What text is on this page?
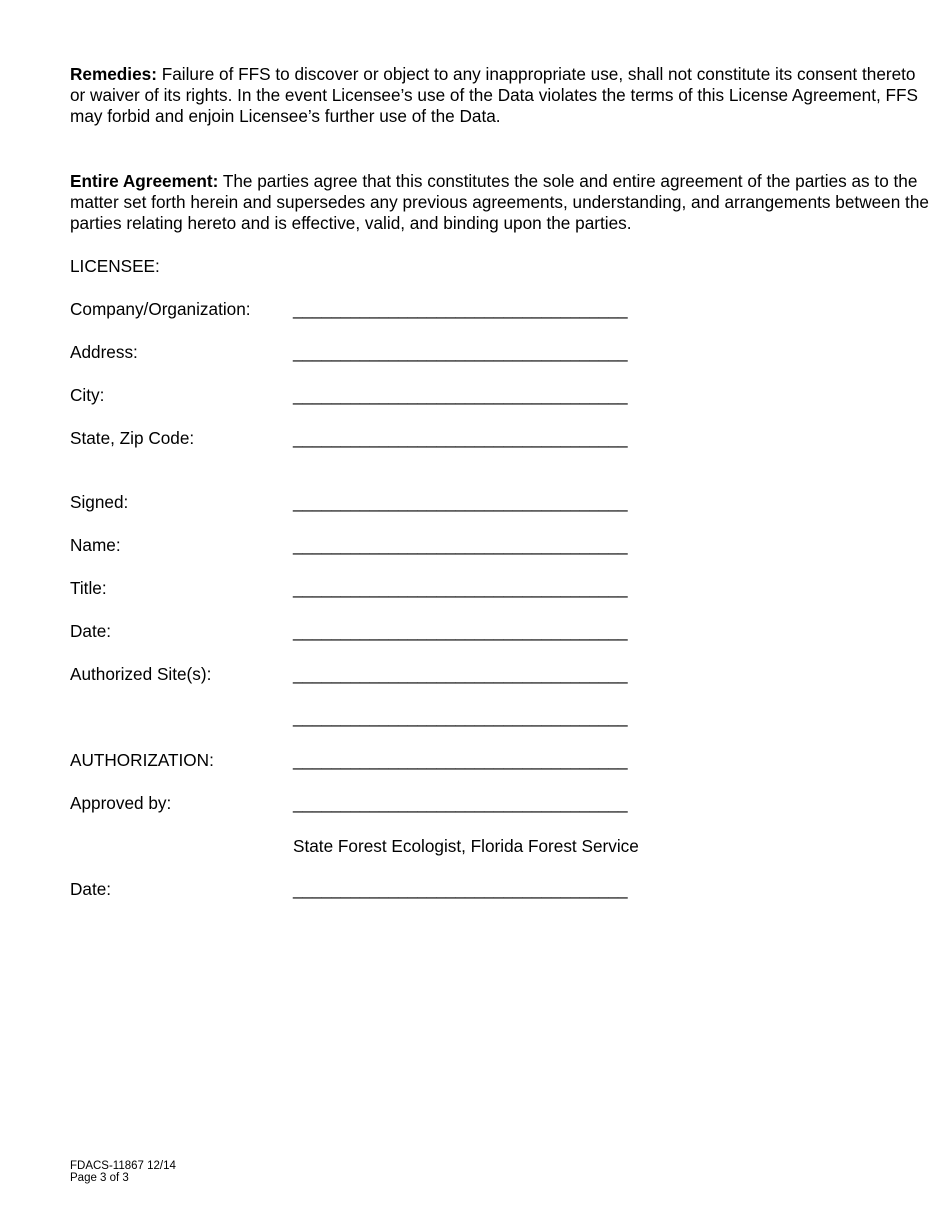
Remedies: Failure of FFS to discover or object to any inappropriate use, shall not constitute its consent thereto or waiver of its rights. In the event Licensee’s use of the Data violates the terms of this License Agreement, FFS may forbid and enjoin Licensee’s further use of the Data.

Entire Agreement: The parties agree that this constitutes the sole and entire agreement of the parties as to the matter set forth herein and supersedes any previous agreements, understanding, and arrangements between the parties relating hereto and is effective, valid, and binding upon the parties.

LICENSEE:
Company/Organization: ___________________________________
Address:	___________________________________
City:	___________________________________
State, Zip Code:	___________________________________
Signed:	___________________________________
Name:	___________________________________
Title:	___________________________________
Date:	___________________________________
Authorized Site(s):	___________________________________
___________________________________
AUTHORIZATION:	___________________________________
Approved by:	___________________________________
State Forest Ecologist, Florida Forest Service
Date:	___________________________________
FDACS-11867 12/14
Page 3 of 3
